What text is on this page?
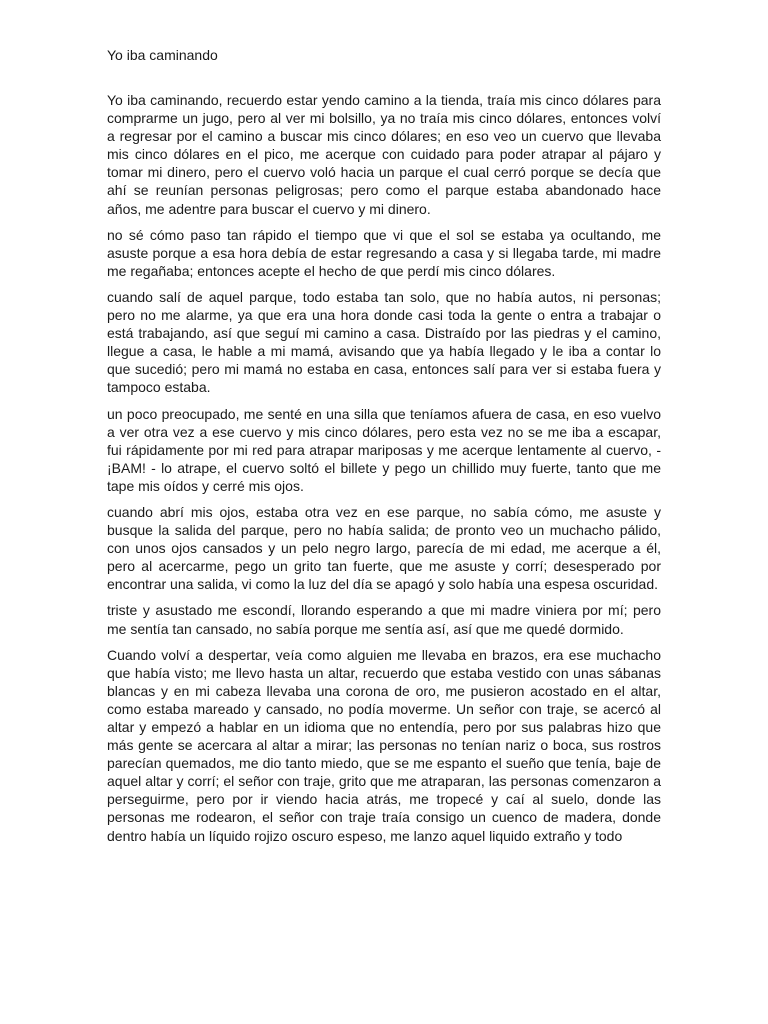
Yo iba caminando

Yo iba caminando, recuerdo estar yendo camino a la tienda, traía mis cinco dólares para comprarme un jugo, pero al ver mi bolsillo, ya no traía mis cinco dólares, entonces volví a regresar por el camino a buscar mis cinco dólares; en eso veo un cuervo que llevaba mis cinco dólares en el pico, me acerque con cuidado para poder atrapar al pájaro y tomar mi dinero, pero el cuervo voló hacia un parque el cual cerró porque se decía que ahí se reunían personas peligrosas; pero como el parque estaba abandonado hace años, me adentre para buscar el cuervo y mi dinero.

no sé cómo paso tan rápido el tiempo que vi que el sol se estaba ya ocultando, me asuste porque a esa hora debía de estar regresando a casa y si llegaba tarde, mi madre me regañaba; entonces acepte el hecho de que perdí mis cinco dólares.

cuando salí de aquel parque, todo estaba tan solo, que no había autos, ni personas; pero no me alarme, ya que era una hora donde casi toda la gente o entra a trabajar o está trabajando, así que seguí mi camino a casa. Distraído por las piedras y el camino, llegue a casa, le hable a mi mamá, avisando que ya había llegado y le iba a contar lo que sucedió; pero mi mamá no estaba en casa, entonces salí para ver si estaba fuera y tampoco estaba.

un poco preocupado, me senté en una silla que teníamos afuera de casa, en eso vuelvo a ver otra vez a ese cuervo y mis cinco dólares, pero esta vez no se me iba a escapar, fui rápidamente por mi red para atrapar mariposas y me acerque lentamente al cuervo, - ¡BAM! - lo atrape, el cuervo soltó el billete y pego un chillido muy fuerte, tanto que me tape mis oídos y cerré mis ojos.

cuando abrí mis ojos, estaba otra vez en ese parque, no sabía cómo, me asuste y busque la salida del parque, pero no había salida; de pronto veo un muchacho pálido, con unos ojos cansados y un pelo negro largo, parecía de mi edad, me acerque a él, pero al acercarme, pego un grito tan fuerte, que me asuste y corrí; desesperado por encontrar una salida, vi como la luz del día se apagó y solo había una espesa oscuridad.

triste y asustado me escondí, llorando esperando a que mi madre viniera por mí; pero me sentía tan cansado, no sabía porque me sentía así, así que me quedé dormido.

Cuando volví a despertar, veía como alguien me llevaba en brazos, era ese muchacho que había visto; me llevo hasta un altar, recuerdo que estaba vestido con unas sábanas blancas y en mi cabeza llevaba una corona de oro, me pusieron acostado en el altar, como estaba mareado y cansado, no podía moverme. Un señor con traje, se acercó al altar y empezó a hablar en un idioma que no entendía, pero por sus palabras hizo que más gente se acercara al altar a mirar; las personas no tenían nariz o boca, sus rostros parecían quemados, me dio tanto miedo, que se me espanto el sueño que tenía, baje de aquel altar y corrí; el señor con traje, grito que me atraparan, las personas comenzaron a perseguirme, pero por ir viendo hacia atrás, me tropecé y caí al suelo, donde las personas me rodearon, el señor con traje traía consigo un cuenco de madera, donde dentro había un líquido rojizo oscuro espeso, me lanzo aquel liquido extraño y todo
